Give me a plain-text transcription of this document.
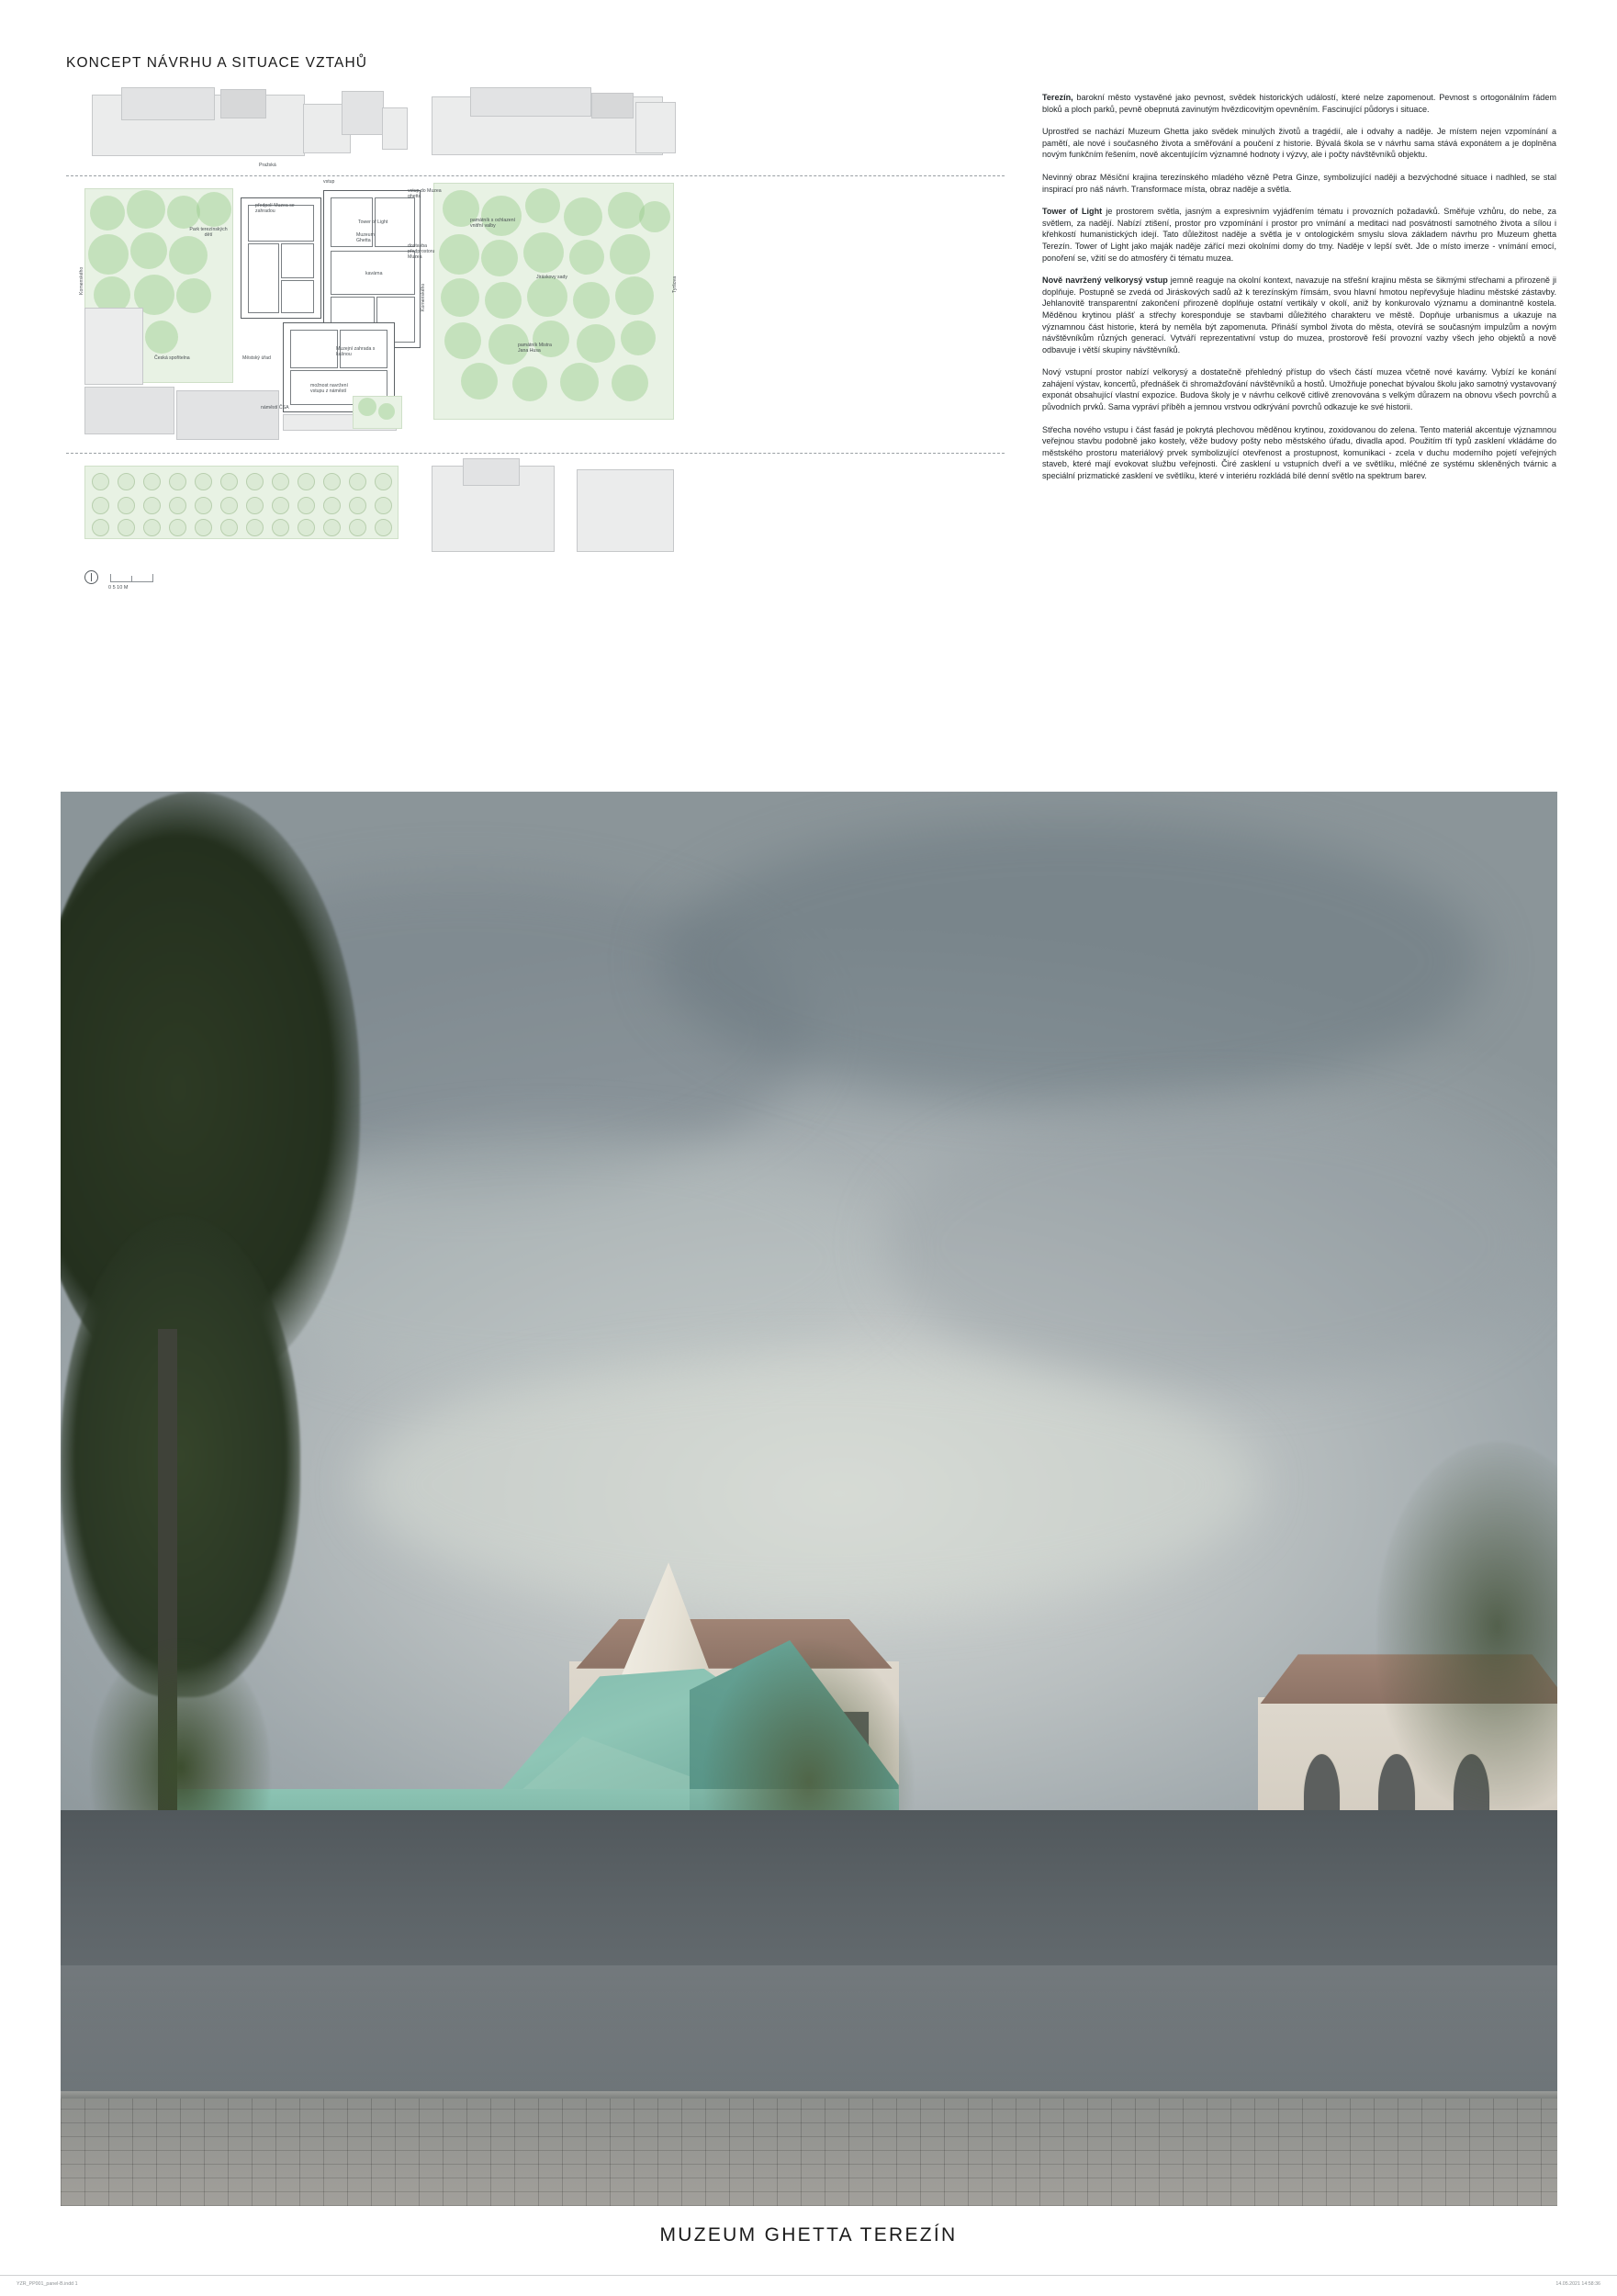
KONCEPT NÁVRHU A SITUACE VZTAHŮ
Pražská
vstup
vstup do Muzea ghetta
Park terezínských dětí
předpolí Muzea se zahradou
Tower of Light
Muzeum Ghetta
dostavba předprostoru Muzea
památník s ochlazení vnitřní valby
Jiráskovy sady
kavárna
Muzejní zahrada s kašnou
památník Mistra Jana Husa
Česká spořitelna	Městský úřad
možnost navržení vstupu z náměstí
náměstí ČSA
Komenského	Tyršova
Komenského
0 5 10 M

Terezín, barokní město vystavěné jako pevnost, svědek historických událostí, které nelze zapomenout. Pevnost s ortogonálním řádem bloků a ploch parků, pevně obepnutá zavinutým hvězdicovitým opevněním. Fascinující půdorys i situace.

Uprostřed se nachází Muzeum Ghetta jako svědek minulých životů a tragédií, ale i odvahy a naděje. Je místem nejen vzpomínání a pamětí, ale nové i současného života a směřování a poučení z historie. Bývalá škola se v návrhu sama stává exponátem a je doplněna novým funkčním řešením, nově akcentujícím významné hodnoty i výzvy, ale i počty návštěvníků objektu.

Nevinný obraz Měsíční krajina terezínského mladého vězně Petra Ginze, symbolizující naději a bezvýchodné situace i nadhled, se stal inspirací pro náš návrh. Transformace místa, obraz naděje a světla.

Tower of Light je prostorem světla, jasným a expresivním vyjádřením tématu i provozních požadavků. Směřuje vzhůru, do nebe, za světlem, za nadějí. Nabízí ztišení, prostor pro vzpomínání i prostor pro vnímání a meditaci nad posvátností samotného života a sílou i křehkostí humanistických idejí. Tato důležitost naděje a světla je v ontologickém smyslu slova základem návrhu pro Muzeum ghetta Terezín. Tower of Light jako maják naděje zářící mezi okolními domy do tmy. Naděje v lepší svět. Jde o místo imerze - vnímání emocí, ponoření se, vžití se do atmosféry či tématu muzea.

Nově navržený velkorysý vstup jemně reaguje na okolní kontext, navazuje na střešní krajinu města se šikmými střechami a přirozeně ji doplňuje. Postupně se zvedá od Jiráskových sadů až k terezínským římsám, svou hlavní hmotou nepřevyšuje hladinu městské zástavby. Jehlanovitě transparentní zakončení přirozeně doplňuje ostatní vertikály v okolí, aniž by konkurovalo významu a dominantně kostela. Měděnou krytinou plášť a střechy koresponduje se stavbami důležitého charakteru ve městě. Dopňuje urbanismus a ukazuje na významnou část historie, která by neměla být zapomenuta. Přináší symbol života do města, otevírá se současným impulzům a novým návštěvníkům různých generací. Vytváří reprezentativní vstup do muzea, prostorově řeší provozní vazby všech jeho objektů a nově odbavuje i větší skupiny návštěvníků.

Nový vstupní prostor nabízí velkorysý a dostatečně přehledný přístup do všech částí muzea včetně nové kavárny. Vybízí ke konání zahájení výstav, koncertů, přednášek či shromažďování návštěvníků a hostů. Umožňuje ponechat bývalou školu jako samotný vystavovaný exponát obsahující vlastní expozice. Budova školy je v návrhu celkově citlivě zrenovována s velkým důrazem na obnovu všech povrchů a původních prvků. Sama vypráví příběh a jemnou vrstvou odkrývání povrchů odkazuje ke své historii.

Střecha nového vstupu i část fasád je pokrytá plechovou měděnou krytinou, zoxidovanou do zelena. Tento materiál akcentuje významnou veřejnou stavbu podobně jako kostely, věže budovy pošty nebo městského úřadu, divadla apod. Použitím tří typů zasklení vkládáme do městského prostoru materiálový prvek symbolizující otevřenost a prostupnost, komunikaci - zcela v duchu moderního pojetí veřejných staveb, které mají evokovat službu veřejnosti. Čiré zasklení u vstupních dveří a ve světlíku, mléčné ze systému skleněných tvárnic a speciální prizmatické zasklení ve světlíku, které v interiéru rozkládá bílé denní světlo na spektrum barev.

MUZEUM GHETTA TEREZÍN
YZR_PP001_panel-B.indd 1	14.05.2021 14:58:36
